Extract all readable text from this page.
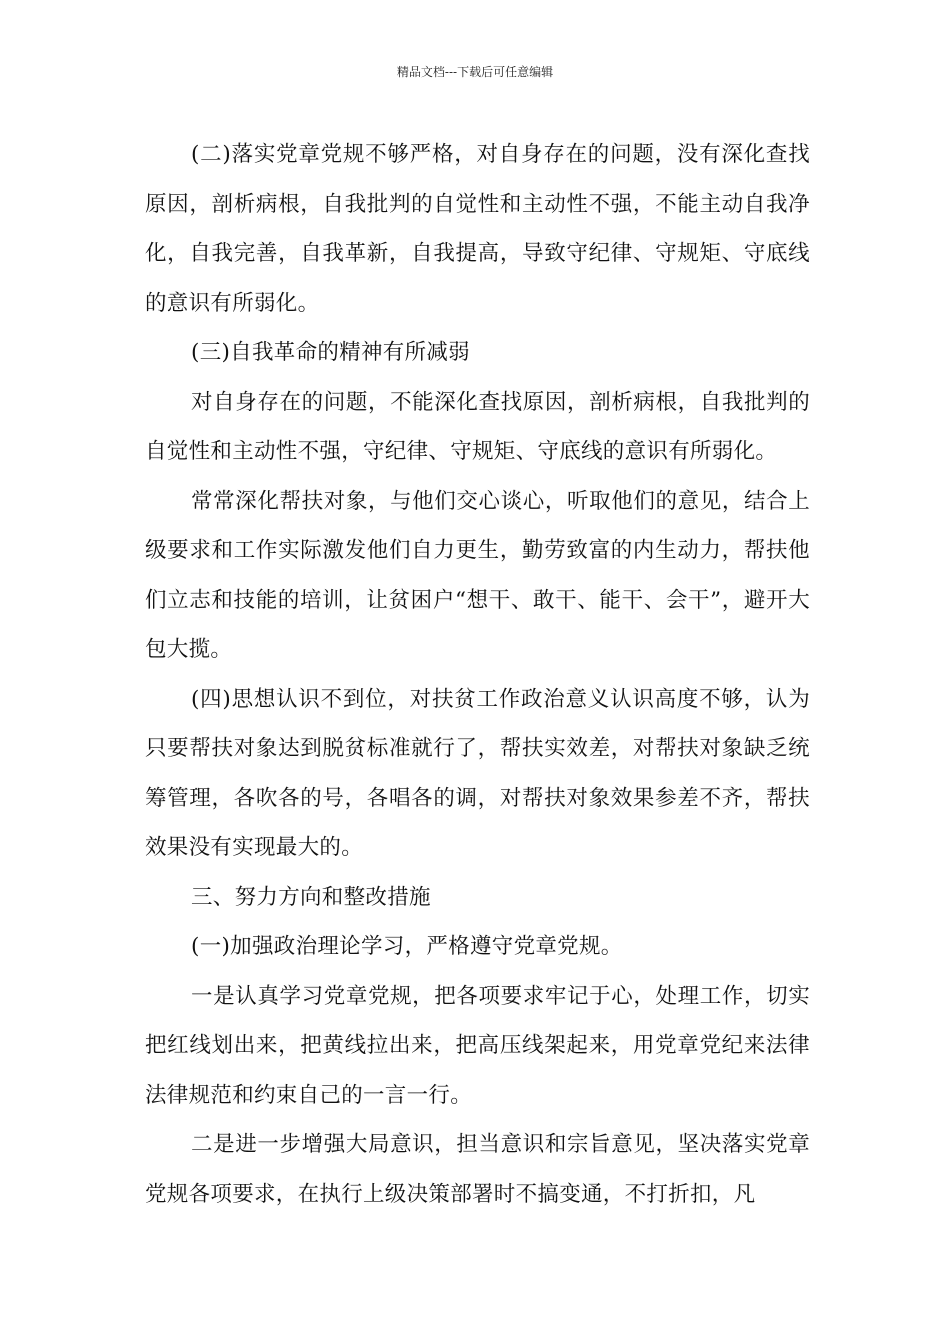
精品文档---下载后可任意编辑

(二)落实党章党规不够严格，对自身存在的问题，没有深化查找原因，剖析病根，自我批判的自觉性和主动性不强，不能主动自我净化，自我完善，自我革新，自我提高，导致守纪律、守规矩、守底线的意识有所弱化。

(三)自我革命的精神有所减弱

对自身存在的问题，不能深化查找原因，剖析病根，自我批判的自觉性和主动性不强，守纪律、守规矩、守底线的意识有所弱化。

常常深化帮扶对象，与他们交心谈心，听取他们的意见，结合上级要求和工作实际激发他们自力更生，勤劳致富的内生动力，帮扶他们立志和技能的培训，让贫困户“想干、敢干、能干、会干”，避开大包大揽。

(四)思想认识不到位，对扶贫工作政治意义认识高度不够，认为只要帮扶对象达到脱贫标准就行了，帮扶实效差，对帮扶对象缺乏统筹管理，各吹各的号，各唱各的调，对帮扶对象效果参差不齐，帮扶效果没有实现最大的。

三、努力方向和整改措施

(一)加强政治理论学习，严格遵守党章党规。

一是认真学习党章党规，把各项要求牢记于心，处理工作，切实把红线划出来，把黄线拉出来，把高压线架起来，用党章党纪来法律法律规范和约束自己的一言一行。

二是进一步增强大局意识，担当意识和宗旨意见，坚决落实党章党规各项要求，在执行上级决策部署时不搞变通，不打折扣，凡
